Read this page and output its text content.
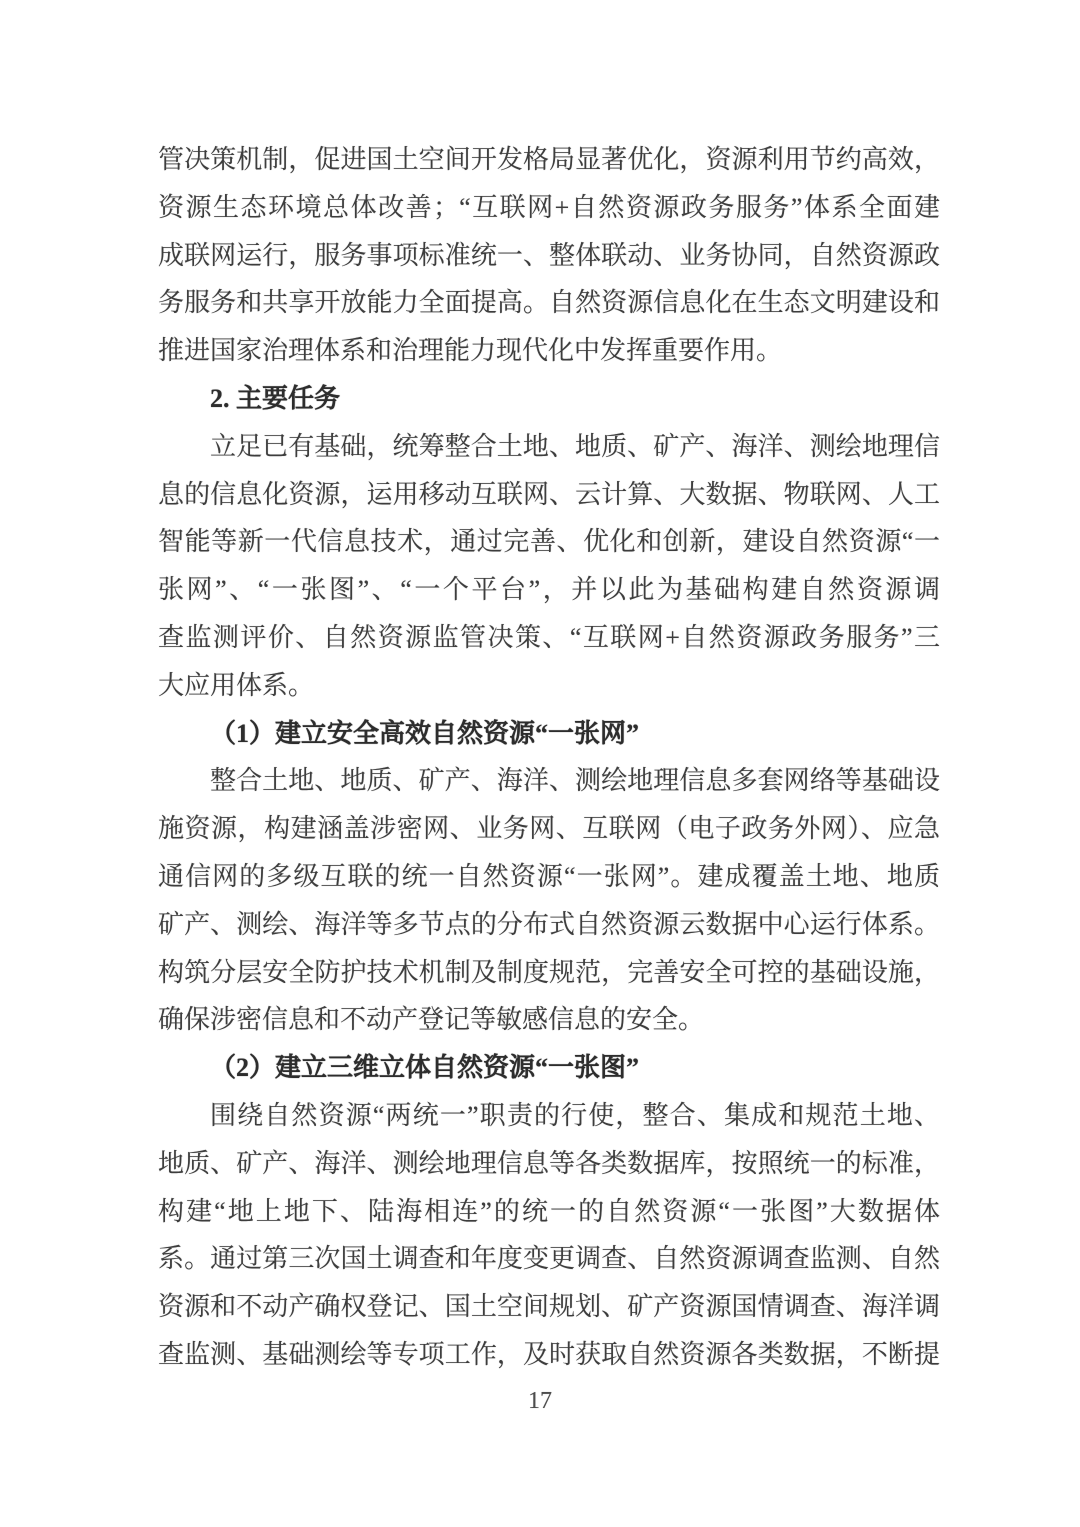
管决策机制，促进国土空间开发格局显著优化，资源利用节约高效，
资源生态环境总体改善；“互联网+自然资源政务服务”体系全面建
成联网运行，服务事项标准统一、整体联动、业务协同，自然资源政
务服务和共享开放能力全面提高。自然资源信息化在生态文明建设和
推进国家治理体系和治理能力现代化中发挥重要作用。
2. 主要任务
立足已有基础，统筹整合土地、地质、矿产、海洋、测绘地理信
息的信息化资源，运用移动互联网、云计算、大数据、物联网、人工
智能等新一代信息技术，通过完善、优化和创新，建设自然资源“一
张网”、“一张图”、“一个平台”，并以此为基础构建自然资源调
查监测评价、自然资源监管决策、“互联网+自然资源政务服务”三
大应用体系。
（1）建立安全高效自然资源“一张网”
整合土地、地质、矿产、海洋、测绘地理信息多套网络等基础设
施资源，构建涵盖涉密网、业务网、互联网（电子政务外网）、应急
通信网的多级互联的统一自然资源“一张网”。建成覆盖土地、地质
矿产、测绘、海洋等多节点的分布式自然资源云数据中心运行体系。
构筑分层安全防护技术机制及制度规范，完善安全可控的基础设施，
确保涉密信息和不动产登记等敏感信息的安全。
（2）建立三维立体自然资源“一张图”
围绕自然资源“两统一”职责的行使，整合、集成和规范土地、
地质、矿产、海洋、测绘地理信息等各类数据库，按照统一的标准，
构建“地上地下、陆海相连”的统一的自然资源“一张图”大数据体
系。通过第三次国土调查和年度变更调查、自然资源调查监测、自然
资源和不动产确权登记、国土空间规划、矿产资源国情调查、海洋调
查监测、基础测绘等专项工作，及时获取自然资源各类数据，不断提
17
